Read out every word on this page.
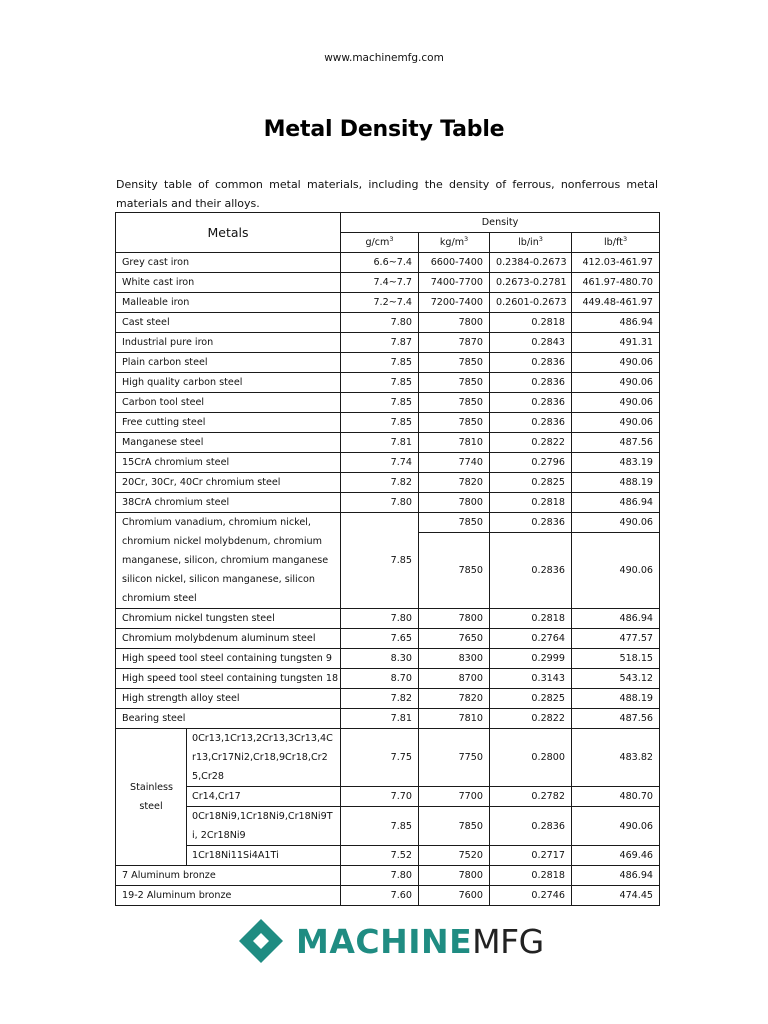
www.machinemfg.com
Metal Density Table
Density table of common metal materials, including the density of ferrous, nonferrous metal materials and their alloys.
Metals		Density			
		$g/cm^3$	$kg/m^3$	$lb/in^3$	$lb/ft^3$
Grey cast iron		6.6~7.4	6600-7400	0.2384-0.2673	412.03-461.97
White cast iron		7.4~7.7	7400-7700	0.2673-0.2781	461.97-480.70
Malleable iron		7.2~7.4	7200-7400	0.2601-0.2673	449.48-461.97
Cast steel		7.80	7800	0.2818	486.94
Industrial pure iron		7.87	7870	0.2843	491.31
Plain carbon steel		7.85	7850	0.2836	490.06
High quality carbon steel		7.85	7850	0.2836	490.06
Carbon tool steel		7.85	7850	0.2836	490.06
Free cutting steel		7.85	7850	0.2836	490.06
Manganese steel		7.81	7810	0.2822	487.56
15CrA chromium steel		7.74	7740	0.2796	483.19
20Cr, 30Cr, 40Cr chromium steel		7.82	7820	0.2825	488.19
38CrA chromium steel		7.80	7800	0.2818	486.94
Chromium vanadium, chromium nickel, chromium nickel molybdenum, chromium manganese, silicon, chromium manganese silicon nickel, silicon manganese, silicon chromium steel		7.85	7850	0.2836	490.06
			7850	0.2836	490.06
Chromium nickel tungsten steel		7.80	7800	0.2818	486.94
Chromium molybdenum aluminum steel		7.65	7650	0.2764	477.57
High speed tool steel containing tungsten 9		8.30	8300	0.2999	518.15
High speed tool steel containing tungsten 18		8.70	8700	0.3143	543.12
High strength alloy steel		7.82	7820	0.2825	488.19
Bearing steel		7.81	7810	0.2822	487.56
Stainless steel	0Cr13,1Cr13,2Cr13,3Cr13,4Cr13,Cr17Ni2,Cr18,9Cr18,Cr25,Cr28	7.75	7750	0.2800	483.82
	Cr14,Cr17	7.70	7700	0.2782	480.70
	0Cr18Ni9,1Cr18Ni9,Cr18Ni9Ti, 2Cr18Ni9	7.85	7850	0.2836	490.06
	1Cr18Ni11Si4A1Ti	7.52	7520	0.2717	469.46
7 Aluminum bronze		7.80	7800	0.2818	486.94
19-2 Aluminum bronze		7.60	7600	0.2746	474.45
MACHINE MFG
